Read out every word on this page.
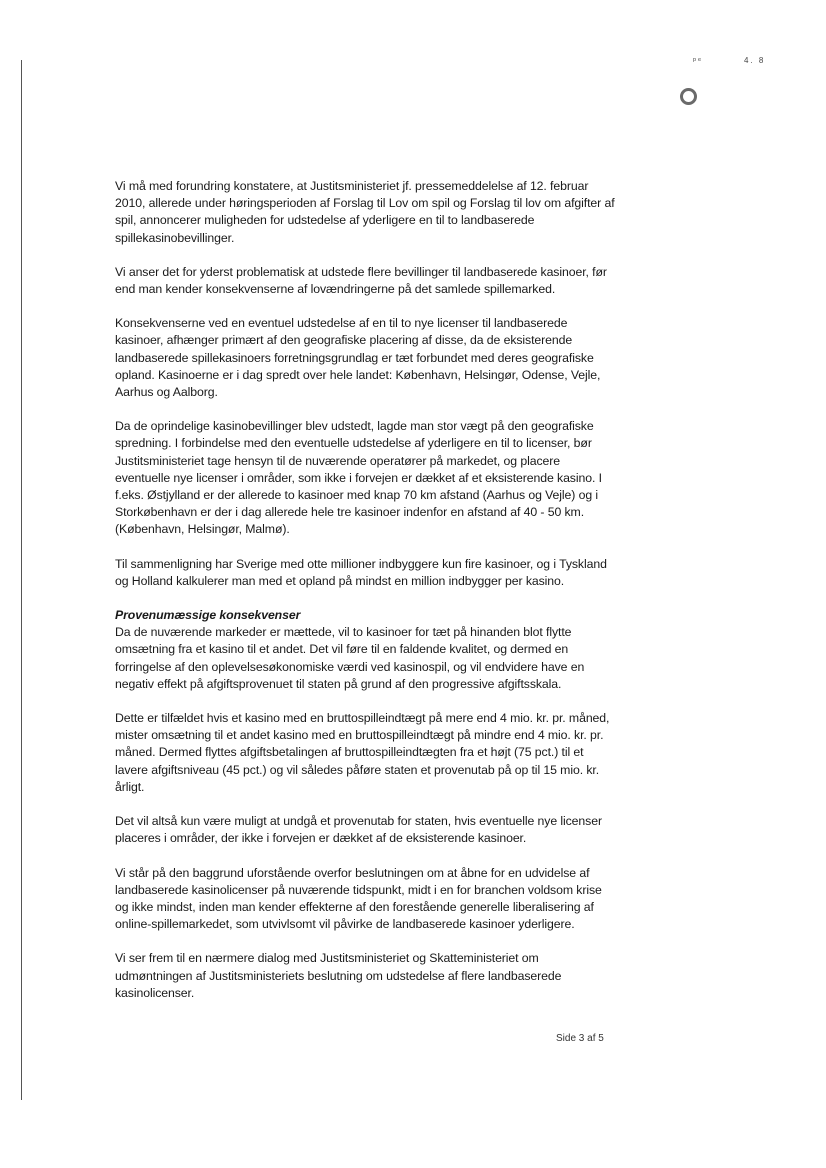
ᵖᵉ	4. 8

Vi må med forundring konstatere, at Justitsministeriet jf. pressemeddelelse af 12. februar 2010, allerede under høringsperioden af Forslag til Lov om spil og Forslag til lov om afgifter af spil, annoncerer muligheden for udstedelse af yderligere en til to landbaserede spillekasinobevillinger.

Vi anser det for yderst problematisk at udstede flere bevillinger til landbaserede kasinoer, før end man kender konsekvenserne af lovændringerne på det samlede spillemarked.

Konsekvenserne ved en eventuel udstedelse af en til to nye licenser til landbaserede kasinoer, afhænger primært af den geografiske placering af disse, da de eksisterende landbaserede spillekasinoers forretningsgrundlag er tæt forbundet med deres geografiske opland. Kasinoerne er i dag spredt over hele landet: København, Helsingør, Odense, Vejle, Aarhus og Aalborg.

Da de oprindelige kasinobevillinger blev udstedt, lagde man stor vægt på den geografiske spredning. I forbindelse med den eventuelle udstedelse af yderligere en til to licenser, bør Justitsministeriet tage hensyn til de nuværende operatører på markedet, og placere eventuelle nye licenser i områder, som ikke i forvejen er dækket af et eksisterende kasino. I f.eks. Østjylland er der allerede to kasinoer med knap 70 km afstand (Aarhus og Vejle) og i Storkøbenhavn er der i dag allerede hele tre kasinoer indenfor en afstand af 40 - 50 km. (København, Helsingør, Malmø).

Til sammenligning har Sverige med otte millioner indbyggere kun fire kasinoer, og i Tyskland og Holland kalkulerer man med et opland på mindst en million indbygger per kasino.

Provenumæssige konsekvenser

Da de nuværende markeder er mættede, vil to kasinoer for tæt på hinanden blot flytte omsætning fra et kasino til et andet. Det vil føre til en faldende kvalitet, og dermed en forringelse af den oplevelsesøkonomiske værdi ved kasinospil, og vil endvidere have en negativ effekt på afgiftsprovenuet til staten på grund af den progressive afgiftsskala.

Dette er tilfældet hvis et kasino med en bruttospilleindtægt på mere end 4 mio. kr. pr. måned, mister omsætning til et andet kasino med en bruttospilleindtægt på mindre end 4 mio. kr. pr. måned. Dermed flyttes afgiftsbetalingen af bruttospilleindtægten fra et højt (75 pct.) til et lavere afgiftsniveau (45 pct.) og vil således påføre staten et provenutab på op til 15 mio. kr. årligt.

Det vil altså kun være muligt at undgå et provenutab for staten, hvis eventuelle nye licenser placeres i områder, der ikke i forvejen er dækket af de eksisterende kasinoer.

Vi står på den baggrund uforstående overfor beslutningen om at åbne for en udvidelse af landbaserede kasinolicenser på nuværende tidspunkt, midt i en for branchen voldsom krise og ikke mindst, inden man kender effekterne af den forestående generelle liberalisering af online-spillemarkedet, som utvivlsomt vil påvirke de landbaserede kasinoer yderligere.

Vi ser frem til en nærmere dialog med Justitsministeriet og Skatteministeriet om udmøntningen af Justitsministeriets beslutning om udstedelse af flere landbaserede kasinolicenser.

Side 3 af 5
